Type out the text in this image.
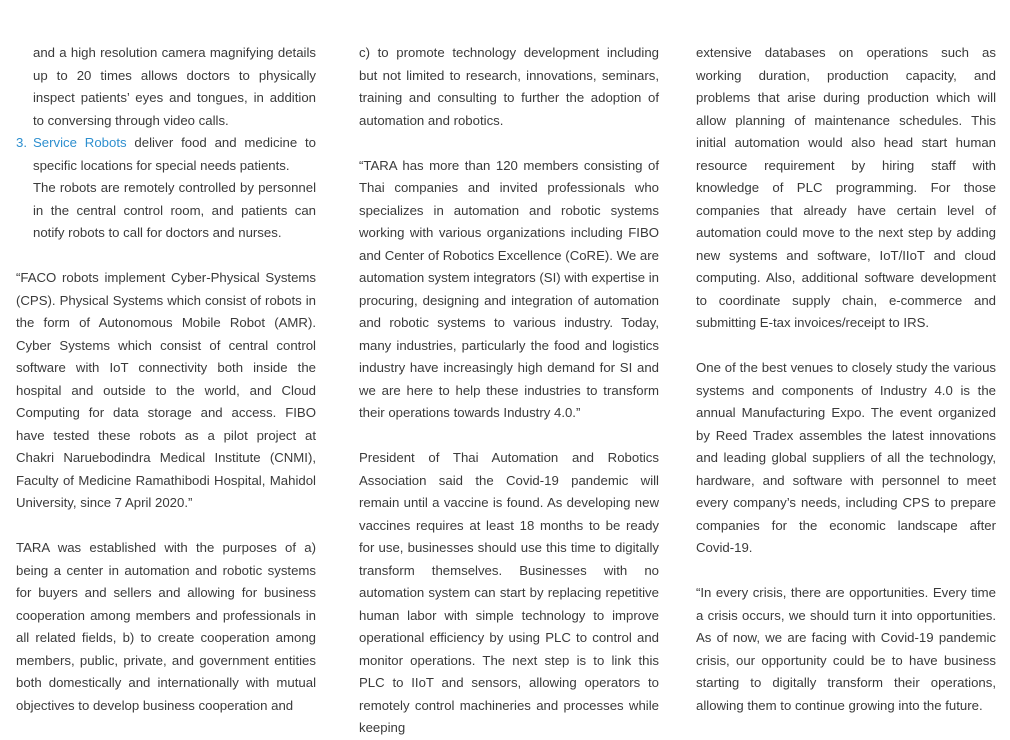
and a high resolution camera magnifying details up to 20 times allows doctors to physically inspect patients’ eyes and tongues, in addition to conversing through video calls.

3. Service Robots deliver food and medicine to specific locations for special needs patients.

The robots are remotely controlled by personnel in the central control room, and patients can notify robots to call for doctors and nurses.

“FACO robots implement Cyber-Physical Systems (CPS). Physical Systems which consist of robots in the form of Autonomous Mobile Robot (AMR). Cyber Systems which consist of central control software with IoT connectivity both inside the hospital and outside to the world, and Cloud Computing for data storage and access. FIBO have tested these robots as a pilot project at Chakri Naruebodindra Medical Institute (CNMI), Faculty of Medicine Ramathibodi Hospital, Mahidol University, since 7 April 2020.”

TARA was established with the purposes of a) being a center in automation and robotic systems for buyers and sellers and allowing for business cooperation among members and professionals in all related fields, b) to create cooperation among members, public, private, and government entities both domestically and internationally with mutual objectives to develop business cooperation and

c) to promote technology development including but not limited to research, innovations, seminars, training and consulting to further the adoption of automation and robotics.

“TARA has more than 120 members consisting of Thai companies and invited professionals who specializes in automation and robotic systems working with various organizations including FIBO and Center of Robotics Excellence (CoRE). We are automation system integrators (SI) with expertise in procuring, designing and integration of automation and robotic systems to various industry. Today, many industries, particularly the food and logistics industry have increasingly high demand for SI and we are here to help these industries to transform their operations towards Industry 4.0.”

President of Thai Automation and Robotics Association said the Covid-19 pandemic will remain until a vaccine is found. As developing new vaccines requires at least 18 months to be ready for use, businesses should use this time to digitally transform themselves. Businesses with no automation system can start by replacing repetitive human labor with simple technology to improve operational efficiency by using PLC to control and monitor operations. The next step is to link this PLC to IIoT and sensors, allowing operators to remotely control machineries and processes while keeping

extensive databases on operations such as working duration, production capacity, and problems that arise during production which will allow planning of maintenance schedules. This initial automation would also head start human resource requirement by hiring staff with knowledge of PLC programming. For those companies that already have certain level of automation could move to the next step by adding new systems and software, IoT/IIoT and cloud computing. Also, additional software development to coordinate supply chain, e-commerce and submitting E-tax invoices/receipt to IRS.

One of the best venues to closely study the various systems and components of Industry 4.0 is the annual Manufacturing Expo. The event organized by Reed Tradex assembles the latest innovations and leading global suppliers of all the technology, hardware, and software with personnel to meet every company’s needs, including CPS to prepare companies for the economic landscape after Covid-19.

“In every crisis, there are opportunities. Every time a crisis occurs, we should turn it into opportunities. As of now, we are facing with Covid-19 pandemic crisis, our opportunity could be to have business starting to digitally transform their operations, allowing them to continue growing into the future.
